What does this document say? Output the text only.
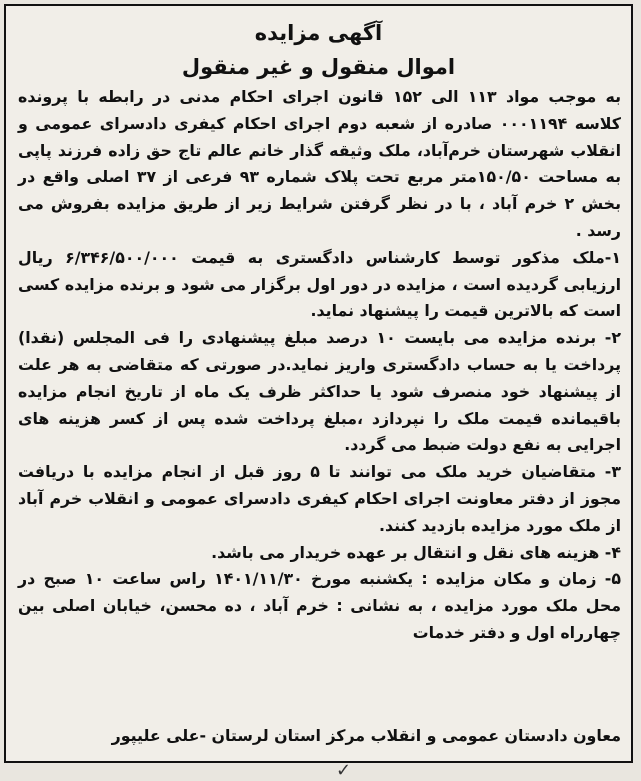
آگهی مزایده
اموال منقول و غیر منقول

به موجب مواد ۱۱۳ الی ۱۵۲ قانون اجرای احکام مدنی در رابطه با پرونده کلاسه ۰۰۰۱۱۹۴ صادره از شعبه دوم اجرای احکام کیفری دادسرای عمومی و انقلاب شهرستان خرم‌آباد، ملک وثیقه گذار خانم عالم تاج حق زاده فرزند پاپی به مساحت ۱۵۰/۵۰متر مربع تحت پلاک شماره ۹۳ فرعی از ۳۷ اصلی واقع در بخش ۲ خرم آباد ، با در نظر گرفتن شرایط زیر از طریق مزایده بفروش می رسد .

۱-ملک مذکور توسط کارشناس دادگستری به قیمت ۶/۳۴۶/۵۰۰/۰۰۰ ریال ارزیابی گردیده است ، مزایده در دور اول برگزار می شود و برنده مزایده کسی است که بالاترین قیمت را پیشنهاد نماید.

۲- برنده مزایده می بایست ۱۰ درصد مبلغ پیشنهادی را فی المجلس (نقدا) پرداخت یا به حساب دادگستری واریز نماید.در صورتی که متقاضی به هر علت از پیشنهاد خود منصرف شود یا حداکثر ظرف یک ماه از تاریخ انجام مزایده باقیمانده قیمت ملک را نپردازد ،مبلغ پرداخت شده پس از کسر هزینه های اجرایی به نفع دولت ضبط می گردد.

۳- متقاضیان خرید ملک می توانند تا ۵ روز قبل از انجام مزایده با دریافت مجوز از دفتر معاونت اجرای احکام کیفری دادسرای عمومی و انقلاب خرم آباد از ملک مورد مزایده بازدید کنند.

۴- هزینه های نقل و انتقال بر عهده خریدار می باشد.

۵- زمان و مکان مزایده : یکشنبه مورخ ۱۴۰۱/۱۱/۳۰ راس ساعت ۱۰ صبح در محل ملک مورد مزایده ، به نشانی : خرم آباد ، ده محسن، خیابان اصلی بین چهارراه اول و دفتر خدمات

معاون دادستان عمومی و انقلاب مرکز استان لرستان -علی علیپور
✓
